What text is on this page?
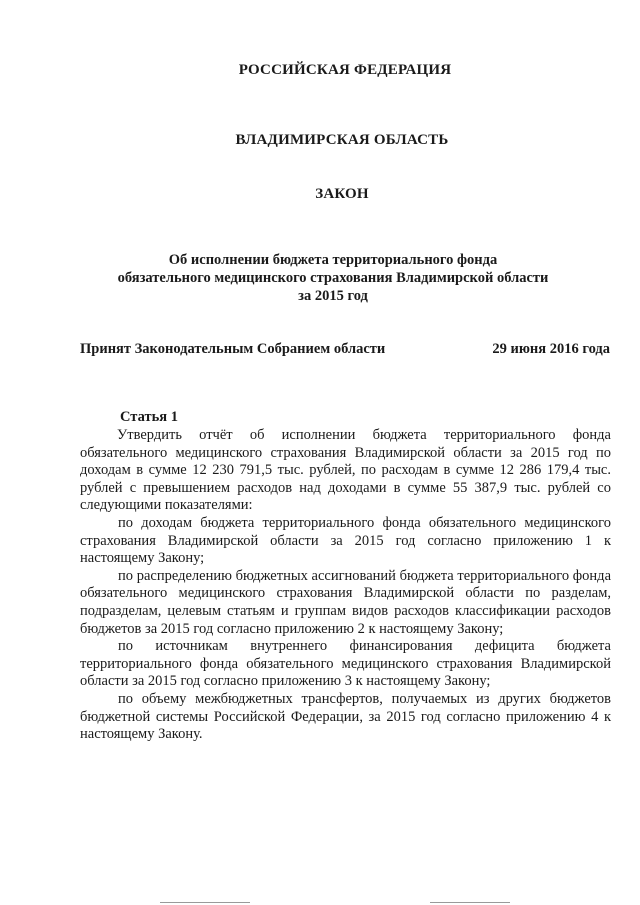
РОССИЙСКАЯ ФЕДЕРАЦИЯ
ВЛАДИМИРСКАЯ ОБЛАСТЬ
ЗАКОН
Об исполнении бюджета территориального фонда
обязательного медицинского страхования Владимирской области
за 2015 год
Принят Законодательным Собранием области	29 июня 2016 года
Статья 1

Утвердить отчёт об исполнении бюджета территориального фонда обязательного медицинского страхования Владимирской области за 2015 год по доходам в сумме 12 230 791,5 тыс. рублей, по расходам в сумме 12 286 179,4 тыс. рублей с превышением расходов над доходами в сумме 55 387,9 тыс. рублей со следующими показателями:

по доходам бюджета территориального фонда обязательного медицинского страхования Владимирской области за 2015 год согласно приложению 1 к настоящему Закону;

по распределению бюджетных ассигнований бюджета территориального фонда обязательного медицинского страхования Владимирской области по разделам, подразделам, целевым статьям и группам видов расходов классификации расходов бюджетов за 2015 год согласно приложению 2 к настоящему Закону;

по источникам внутреннего финансирования дефицита бюджета территориального фонда обязательного медицинского страхования Владимирской области за 2015 год согласно приложению 3 к настоящему Закону;

по объему межбюджетных трансфертов, получаемых из других бюджетов бюджетной системы Российской Федерации, за 2015 год согласно приложению 4 к настоящему Закону.
